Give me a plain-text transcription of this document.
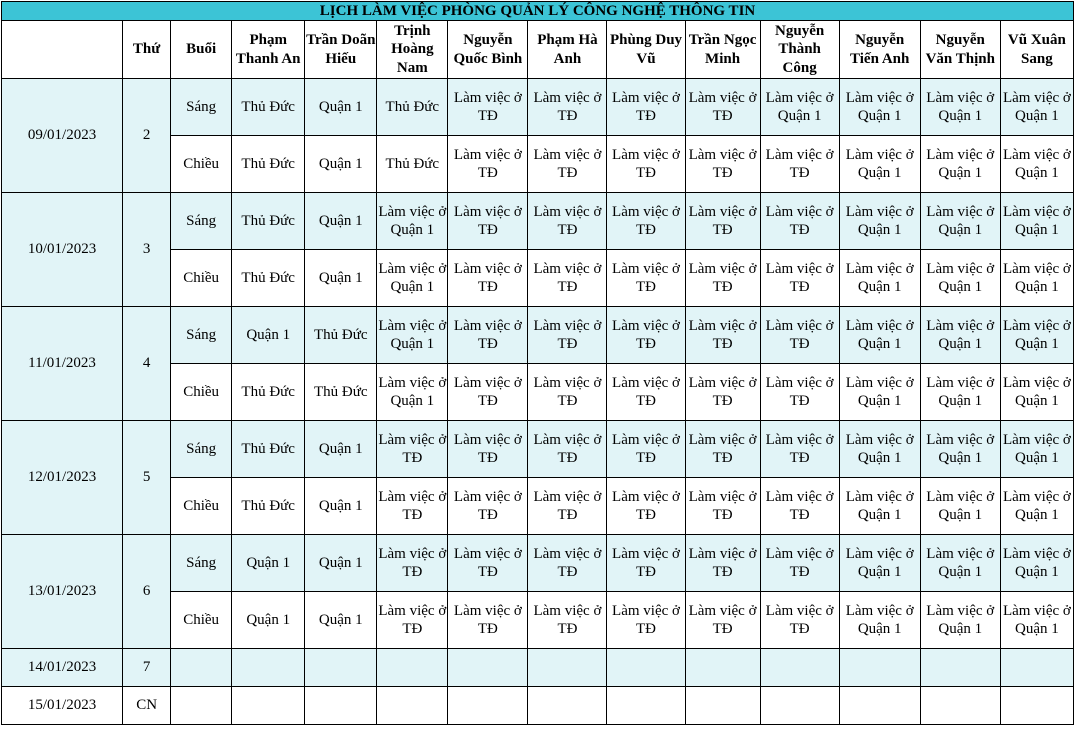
LỊCH LÀM VIỆC PHÒNG QUẢN LÝ CÔNG NGHỆ THÔNG TIN													
	Thứ	Buổi	Phạm Thanh An	Trần Doãn Hiếu	Trịnh Hoàng Nam	Nguyễn Quốc Bình	Phạm Hà Anh	Phùng Duy Vũ	Trần Ngọc Minh	Nguyễn Thành Công	Nguyễn Tiến Anh	Nguyễn Văn Thịnh	Vũ Xuân Sang
09/01/2023	2	Sáng	Thủ Đức	Quận 1	Thủ Đức	Làm việc ở TĐ	Làm việc ở TĐ	Làm việc ở TĐ	Làm việc ở TĐ	Làm việc ở Quận 1	Làm việc ở Quận 1	Làm việc ở Quận 1	Làm việc ở Quận 1
		Chiều	Thủ Đức	Quận 1	Thủ Đức	Làm việc ở TĐ	Làm việc ở TĐ	Làm việc ở TĐ	Làm việc ở TĐ	Làm việc ở TĐ	Làm việc ở Quận 1	Làm việc ở Quận 1	Làm việc ở Quận 1
10/01/2023	3	Sáng	Thủ Đức	Quận 1	Làm việc ở Quận 1	Làm việc ở TĐ	Làm việc ở TĐ	Làm việc ở TĐ	Làm việc ở TĐ	Làm việc ở TĐ	Làm việc ở Quận 1	Làm việc ở Quận 1	Làm việc ở Quận 1
		Chiều	Thủ Đức	Quận 1	Làm việc ở Quận 1	Làm việc ở TĐ	Làm việc ở TĐ	Làm việc ở TĐ	Làm việc ở TĐ	Làm việc ở TĐ	Làm việc ở Quận 1	Làm việc ở Quận 1	Làm việc ở Quận 1
11/01/2023	4	Sáng	Quận 1	Thủ Đức	Làm việc ở Quận 1	Làm việc ở TĐ	Làm việc ở TĐ	Làm việc ở TĐ	Làm việc ở TĐ	Làm việc ở TĐ	Làm việc ở Quận 1	Làm việc ở Quận 1	Làm việc ở Quận 1
		Chiều	Thủ Đức	Thủ Đức	Làm việc ở Quận 1	Làm việc ở TĐ	Làm việc ở TĐ	Làm việc ở TĐ	Làm việc ở TĐ	Làm việc ở TĐ	Làm việc ở Quận 1	Làm việc ở Quận 1	Làm việc ở Quận 1
12/01/2023	5	Sáng	Thủ Đức	Quận 1	Làm việc ở TĐ	Làm việc ở TĐ	Làm việc ở TĐ	Làm việc ở TĐ	Làm việc ở TĐ	Làm việc ở TĐ	Làm việc ở Quận 1	Làm việc ở Quận 1	Làm việc ở Quận 1
		Chiều	Thủ Đức	Quận 1	Làm việc ở TĐ	Làm việc ở TĐ	Làm việc ở TĐ	Làm việc ở TĐ	Làm việc ở TĐ	Làm việc ở TĐ	Làm việc ở Quận 1	Làm việc ở Quận 1	Làm việc ở Quận 1
13/01/2023	6	Sáng	Quận 1	Quận 1	Làm việc ở TĐ	Làm việc ở TĐ	Làm việc ở TĐ	Làm việc ở TĐ	Làm việc ở TĐ	Làm việc ở TĐ	Làm việc ở Quận 1	Làm việc ở Quận 1	Làm việc ở Quận 1
		Chiều	Quận 1	Quận 1	Làm việc ở TĐ	Làm việc ở TĐ	Làm việc ở TĐ	Làm việc ở TĐ	Làm việc ở TĐ	Làm việc ở TĐ	Làm việc ở Quận 1	Làm việc ở Quận 1	Làm việc ở Quận 1
14/01/2023	7												
15/01/2023	CN												
